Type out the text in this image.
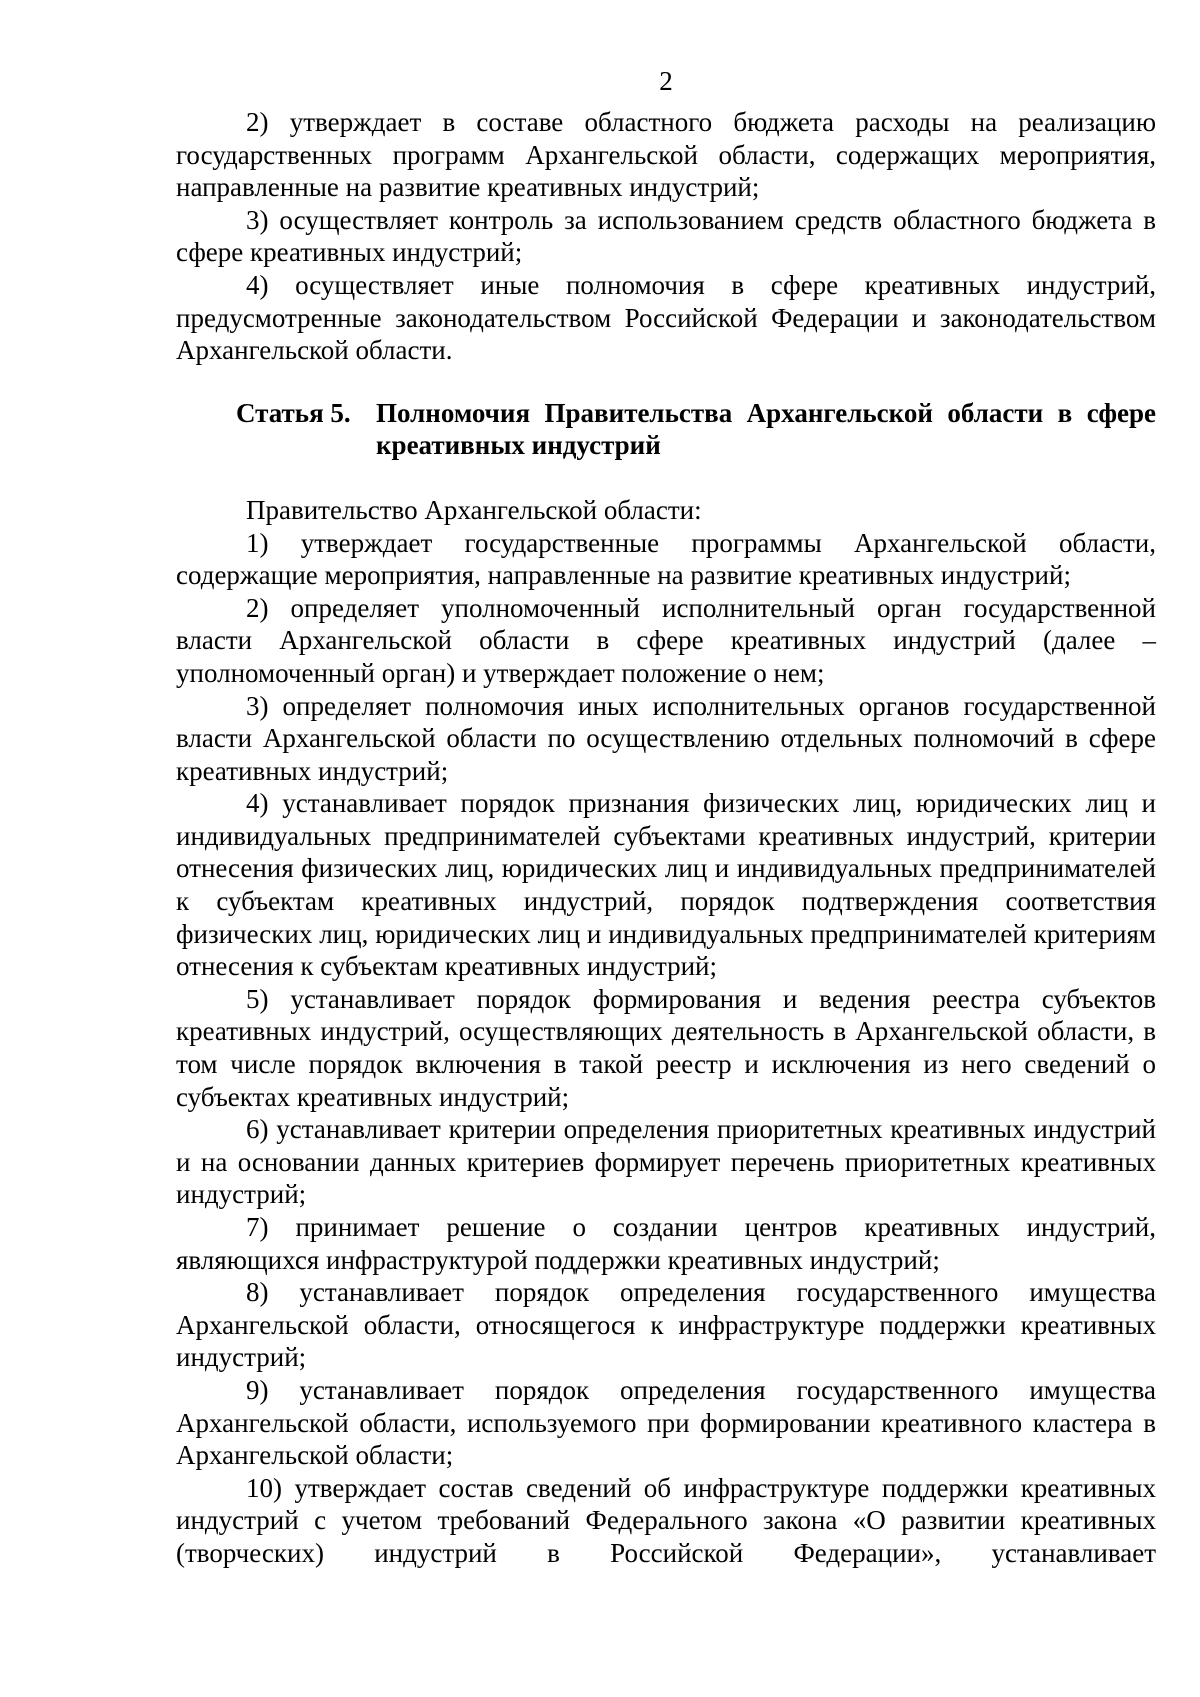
2

2) утверждает в составе областного бюджета расходы на реализацию государственных программ Архангельской области, содержащих мероприятия, направленные на развитие креативных индустрий;

3) осуществляет контроль за использованием средств областного бюджета в сфере креативных индустрий;

4) осуществляет иные полномочия в сфере креативных индустрий, предусмотренные законодательством Российской Федерации и законодательством Архангельской области.

Статья 5. Полномочия Правительства Архангельской области в сфере креативных индустрий

Правительство Архангельской области:

1) утверждает государственные программы Архангельской области, содержащие мероприятия, направленные на развитие креативных индустрий;

2) определяет уполномоченный исполнительный орган государственной власти Архангельской области в сфере креативных индустрий (далее – уполномоченный орган) и утверждает положение о нем;

3) определяет полномочия иных исполнительных органов государственной власти Архангельской области по осуществлению отдельных полномочий в сфере креативных индустрий;

4) устанавливает порядок признания физических лиц, юридических лиц и индивидуальных предпринимателей субъектами креативных индустрий, критерии отнесения физических лиц, юридических лиц и индивидуальных предпринимателей к субъектам креативных индустрий, порядок подтверждения соответствия физических лиц, юридических лиц и индивидуальных предпринимателей критериям отнесения к субъектам креативных индустрий;

5) устанавливает порядок формирования и ведения реестра субъектов креативных индустрий, осуществляющих деятельность в Архангельской области, в том числе порядок включения в такой реестр и исключения из него сведений о субъектах креативных индустрий;

6) устанавливает критерии определения приоритетных креативных индустрий и на основании данных критериев формирует перечень приоритетных креативных индустрий;

7) принимает решение о создании центров креативных индустрий, являющихся инфраструктурой поддержки креативных индустрий;

8) устанавливает порядок определения государственного имущества Архангельской области, относящегося к инфраструктуре поддержки креативных индустрий;

9) устанавливает порядок определения государственного имущества Архангельской области, используемого при формировании креативного кластера в Архангельской области;

10) утверждает состав сведений об инфраструктуре поддержки креативных индустрий с учетом требований Федерального закона «О развитии креативных (творческих) индустрий в Российской Федерации», устанавливает
